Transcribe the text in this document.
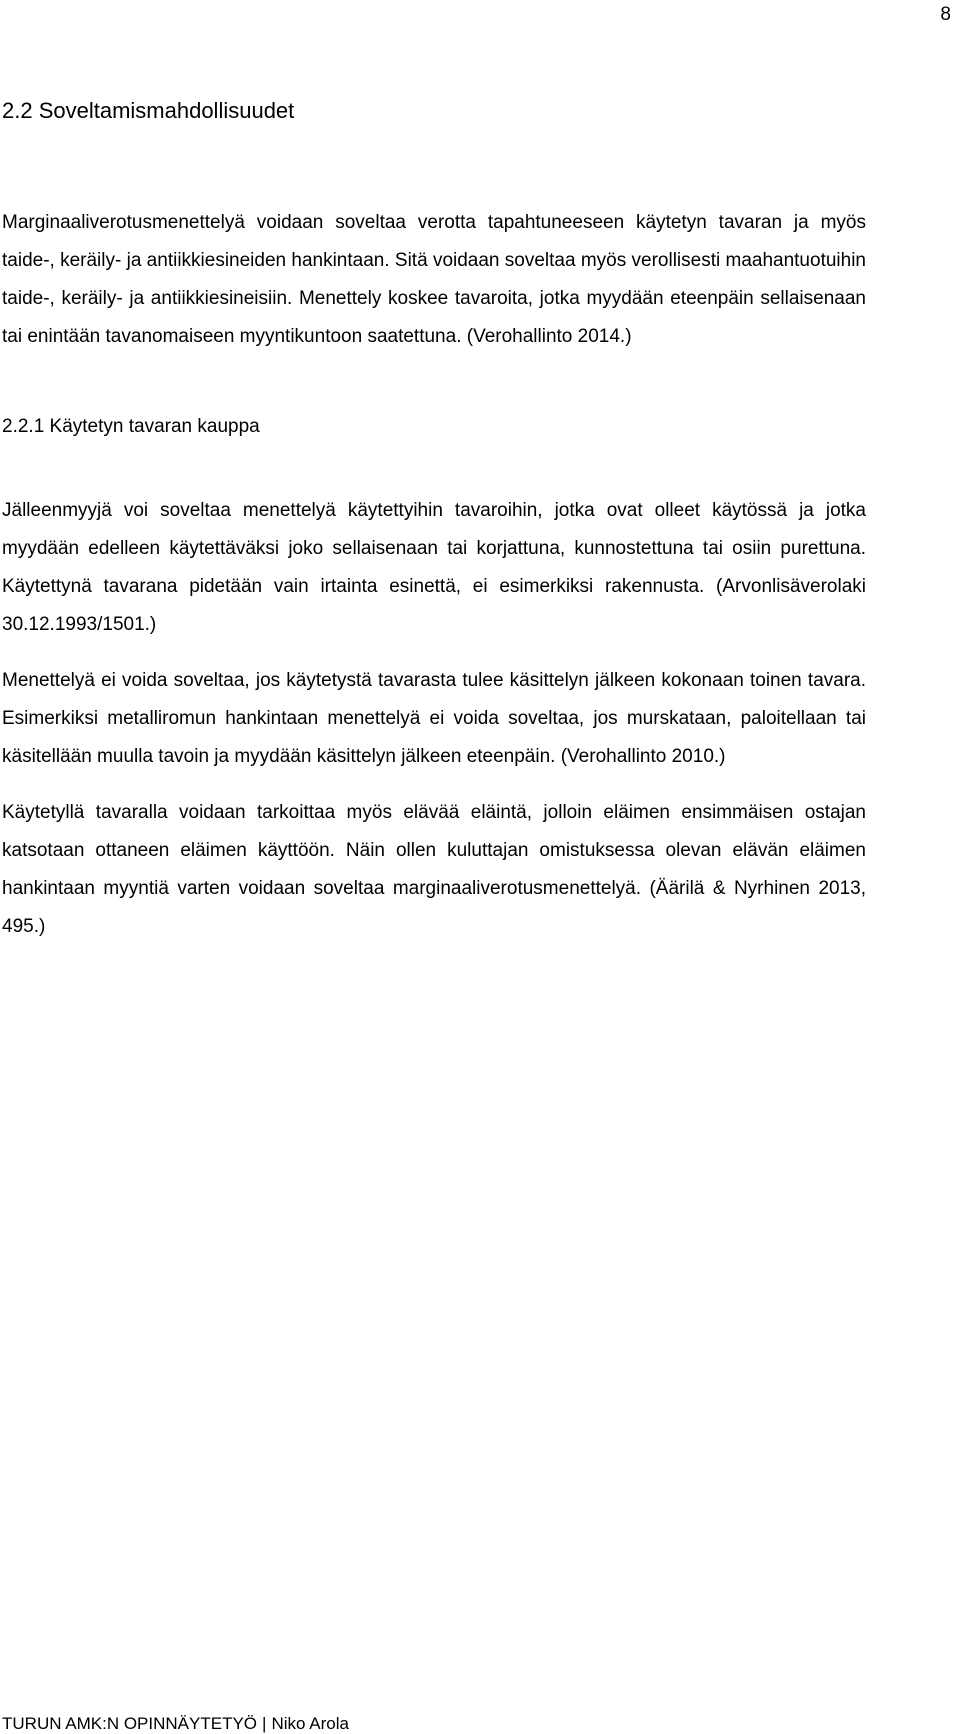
8
2.2 Soveltamismahdollisuudet

Marginaaliverotusmenettelyä voidaan soveltaa verotta tapahtuneeseen käytetyn tavaran ja myös taide-, keräily- ja antiikkiesineiden hankintaan. Sitä voidaan soveltaa myös verollisesti maahantuotuihin taide-, keräily- ja antiikkiesineisiin. Menettely koskee tavaroita, jotka myydään eteenpäin sellaisenaan tai enintään tavanomaiseen myyntikuntoon saatettuna. (Verohallinto 2014.)

2.2.1 Käytetyn tavaran kauppa

Jälleenmyyjä voi soveltaa menettelyä käytettyihin tavaroihin, jotka ovat olleet käytössä ja jotka myydään edelleen käytettäväksi joko sellaisenaan tai korjattuna, kunnostettuna tai osiin purettuna. Käytettynä tavarana pidetään vain irtainta esinettä, ei esimerkiksi rakennusta. (Arvonlisäverolaki 30.12.1993/1501.)

Menettelyä ei voida soveltaa, jos käytetystä tavarasta tulee käsittelyn jälkeen kokonaan toinen tavara. Esimerkiksi metalliromun hankintaan menettelyä ei voida soveltaa, jos murskataan, paloitellaan tai käsitellään muulla tavoin ja myydään käsittelyn jälkeen eteenpäin. (Verohallinto 2010.)

Käytetyllä tavaralla voidaan tarkoittaa myös elävää eläintä, jolloin eläimen ensimmäisen ostajan katsotaan ottaneen eläimen käyttöön. Näin ollen kuluttajan omistuksessa olevan elävän eläimen hankintaan myyntiä varten voidaan soveltaa marginaaliverotusmenettelyä. (Äärilä & Nyrhinen 2013, 495.)

TURUN AMK:N OPINNÄYTETYÖ | Niko Arola
